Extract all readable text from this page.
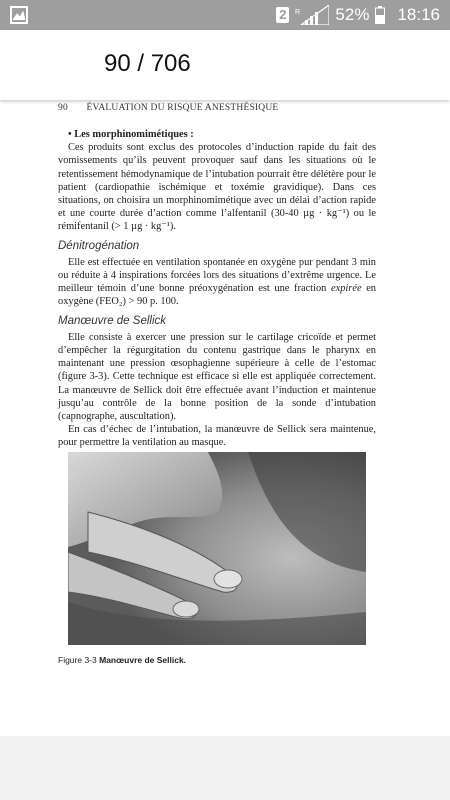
2	R 52% 18:16
90 / 706
90 ÉVALUATION DU RISQUE ANESTHÉSIQUE

• Les morphinomimétiques :

Ces produits sont exclus des protocoles d’induction rapide du fait des vomissements qu’ils peuvent provoquer sauf dans les situations où le retentissement hémodynamique de l’intubation pourrait être délétère pour le patient (cardiopathie ischémique et toxémie gravidique). Dans ces situations, on choisira un morphinomimétique avec un délai d’action rapide et une courte durée d’action comme l’alfentanil (30-40 µg · kg⁻¹) ou le rémifentanil (> 1 µg · kg⁻¹).

Dénitrogénation

Elle est effectuée en ventilation spontanée en oxygène pur pendant 3 min ou réduite à 4 inspirations forcées lors des situations d’extrême urgence. Le meilleur témoin d’une bonne préoxygénation est une fraction expirée en oxygène (FEO₂) > 90 p. 100.

Manœuvre de Sellick

Elle consiste à exercer une pression sur le cartilage cricoïde et permet d’empêcher la régurgitation du contenu gastrique dans le pharynx en maintenant une pression œsophagienne supérieure à celle de l’estomac (figure 3-3). Cette technique est efficace si elle est appliquée correctement. La manœuvre de Sellick doit être effectuée avant l’induction et maintenue jusqu’au contrôle de la bonne position de la sonde d’intubation (capnographe, auscultation).

En cas d’échec de l’intubation, la manœuvre de Sellick sera maintenue, pour permettre la ventilation au masque.

Figure 3-3 Manœuvre de Sellick.
